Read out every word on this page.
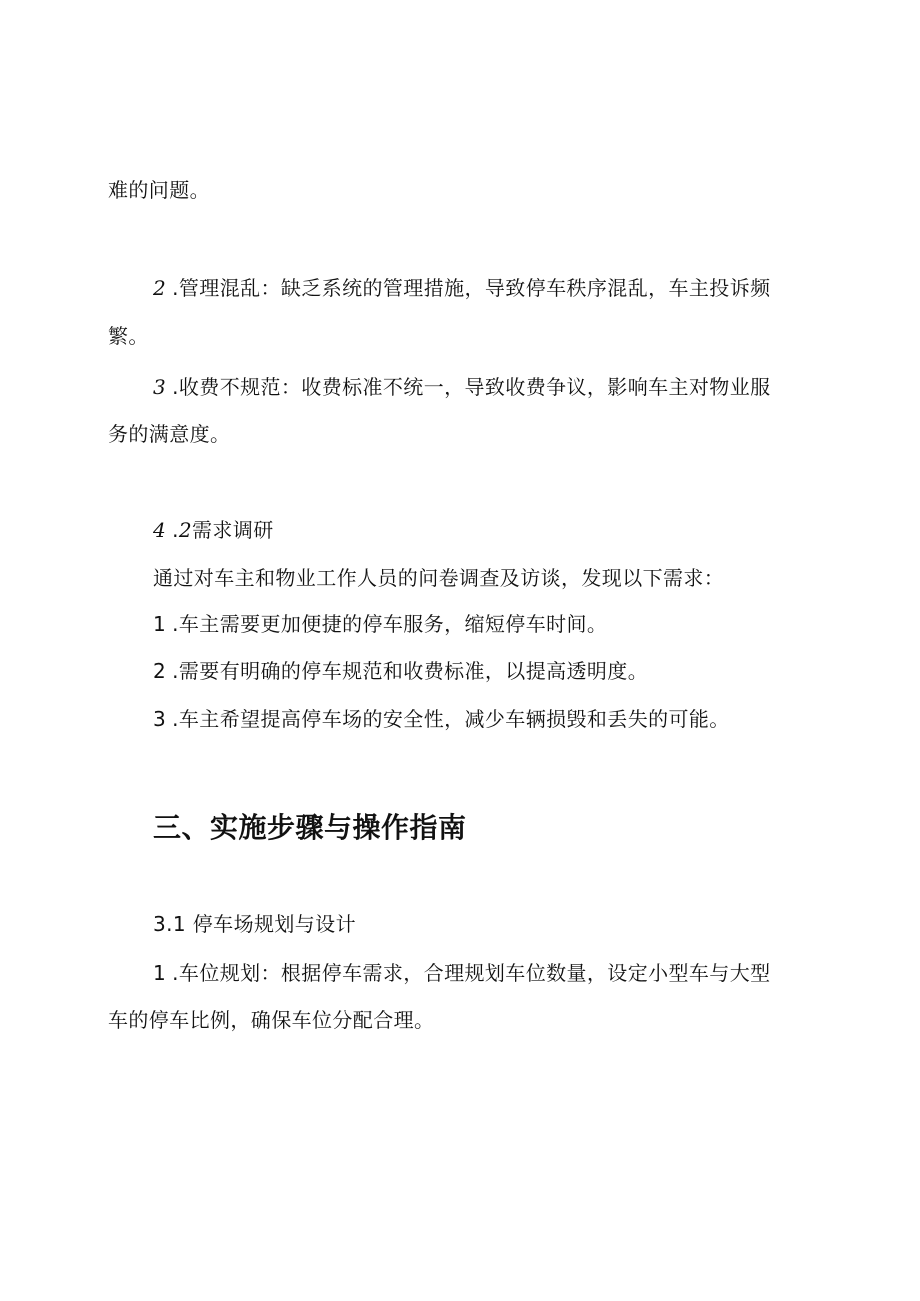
难的问题。
2 .管理混乱：缺乏系统的管理措施，导致停车秩序混乱，车主投诉频
繁。
3 .收费不规范：收费标准不统一，导致收费争议，影响车主对物业服
务的满意度。
4 .2需求调研
通过对车主和物业工作人员的问卷调查及访谈，发现以下需求：
1 .车主需要更加便捷的停车服务，缩短停车时间。
2 .需要有明确的停车规范和收费标准，以提高透明度。
3 .车主希望提高停车场的安全性，减少车辆损毁和丢失的可能。
三、实施步骤与操作指南
3.1 停车场规划与设计
1 .车位规划：根据停车需求，合理规划车位数量，设定小型车与大型
车的停车比例，确保车位分配合理。
